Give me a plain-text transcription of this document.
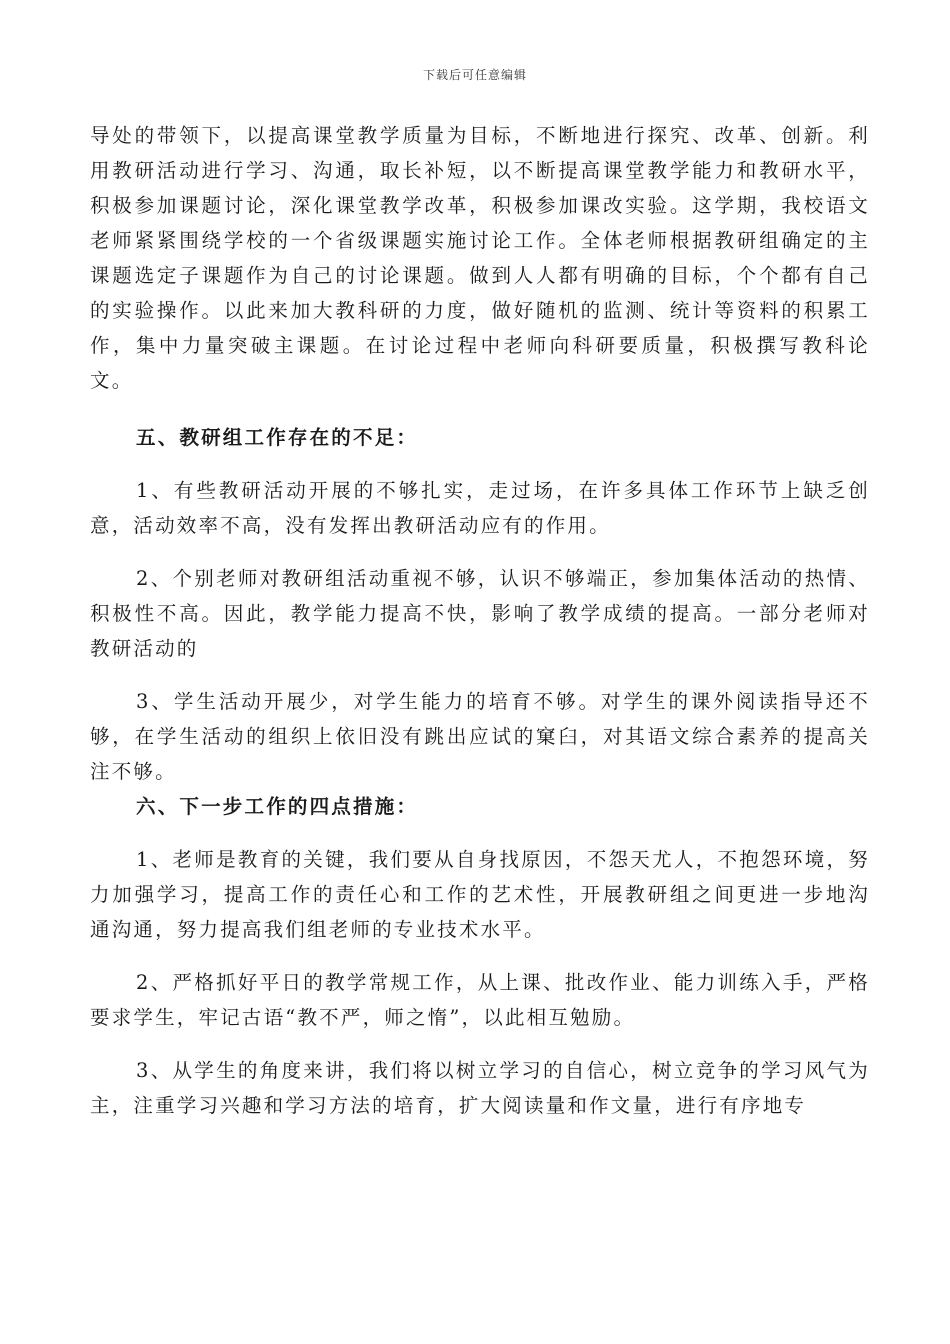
下载后可任意编辑

导处的带领下，以提高课堂教学质量为目标，不断地进行探究、改革、创新。利用教研活动进行学习、沟通，取长补短，以不断提高课堂教学能力和教研水平，积极参加课题讨论，深化课堂教学改革，积极参加课改实验。这学期，我校语文老师紧紧围绕学校的一个省级课题实施讨论工作。全体老师根据教研组确定的主课题选定子课题作为自己的讨论课题。做到人人都有明确的目标，个个都有自己的实验操作。以此来加大教科研的力度，做好随机的监测、统计等资料的积累工作，集中力量突破主课题。在讨论过程中老师向科研要质量，积极撰写教科论文。

五、教研组工作存在的不足：

1、有些教研活动开展的不够扎实，走过场，在许多具体工作环节上缺乏创意，活动效率不高，没有发挥出教研活动应有的作用。

2、个别老师对教研组活动重视不够，认识不够端正，参加集体活动的热情、积极性不高。因此，教学能力提高不快，影响了教学成绩的提高。一部分老师对教研活动的

3、学生活动开展少，对学生能力的培育不够。对学生的课外阅读指导还不够，在学生活动的组织上依旧没有跳出应试的窠臼，对其语文综合素养的提高关注不够。

六、下一步工作的四点措施：

1、老师是教育的关键，我们要从自身找原因，不怨天尤人，不抱怨环境，努力加强学习，提高工作的责任心和工作的艺术性，开展教研组之间更进一步地沟通沟通，努力提高我们组老师的专业技术水平。

2、严格抓好平日的教学常规工作，从上课、批改作业、能力训练入手，严格要求学生，牢记古语“教不严，师之惰”，以此相互勉励。

3、从学生的角度来讲，我们将以树立学习的自信心，树立竞争的学习风气为主，注重学习兴趣和学习方法的培育，扩大阅读量和作文量，进行有序地专
